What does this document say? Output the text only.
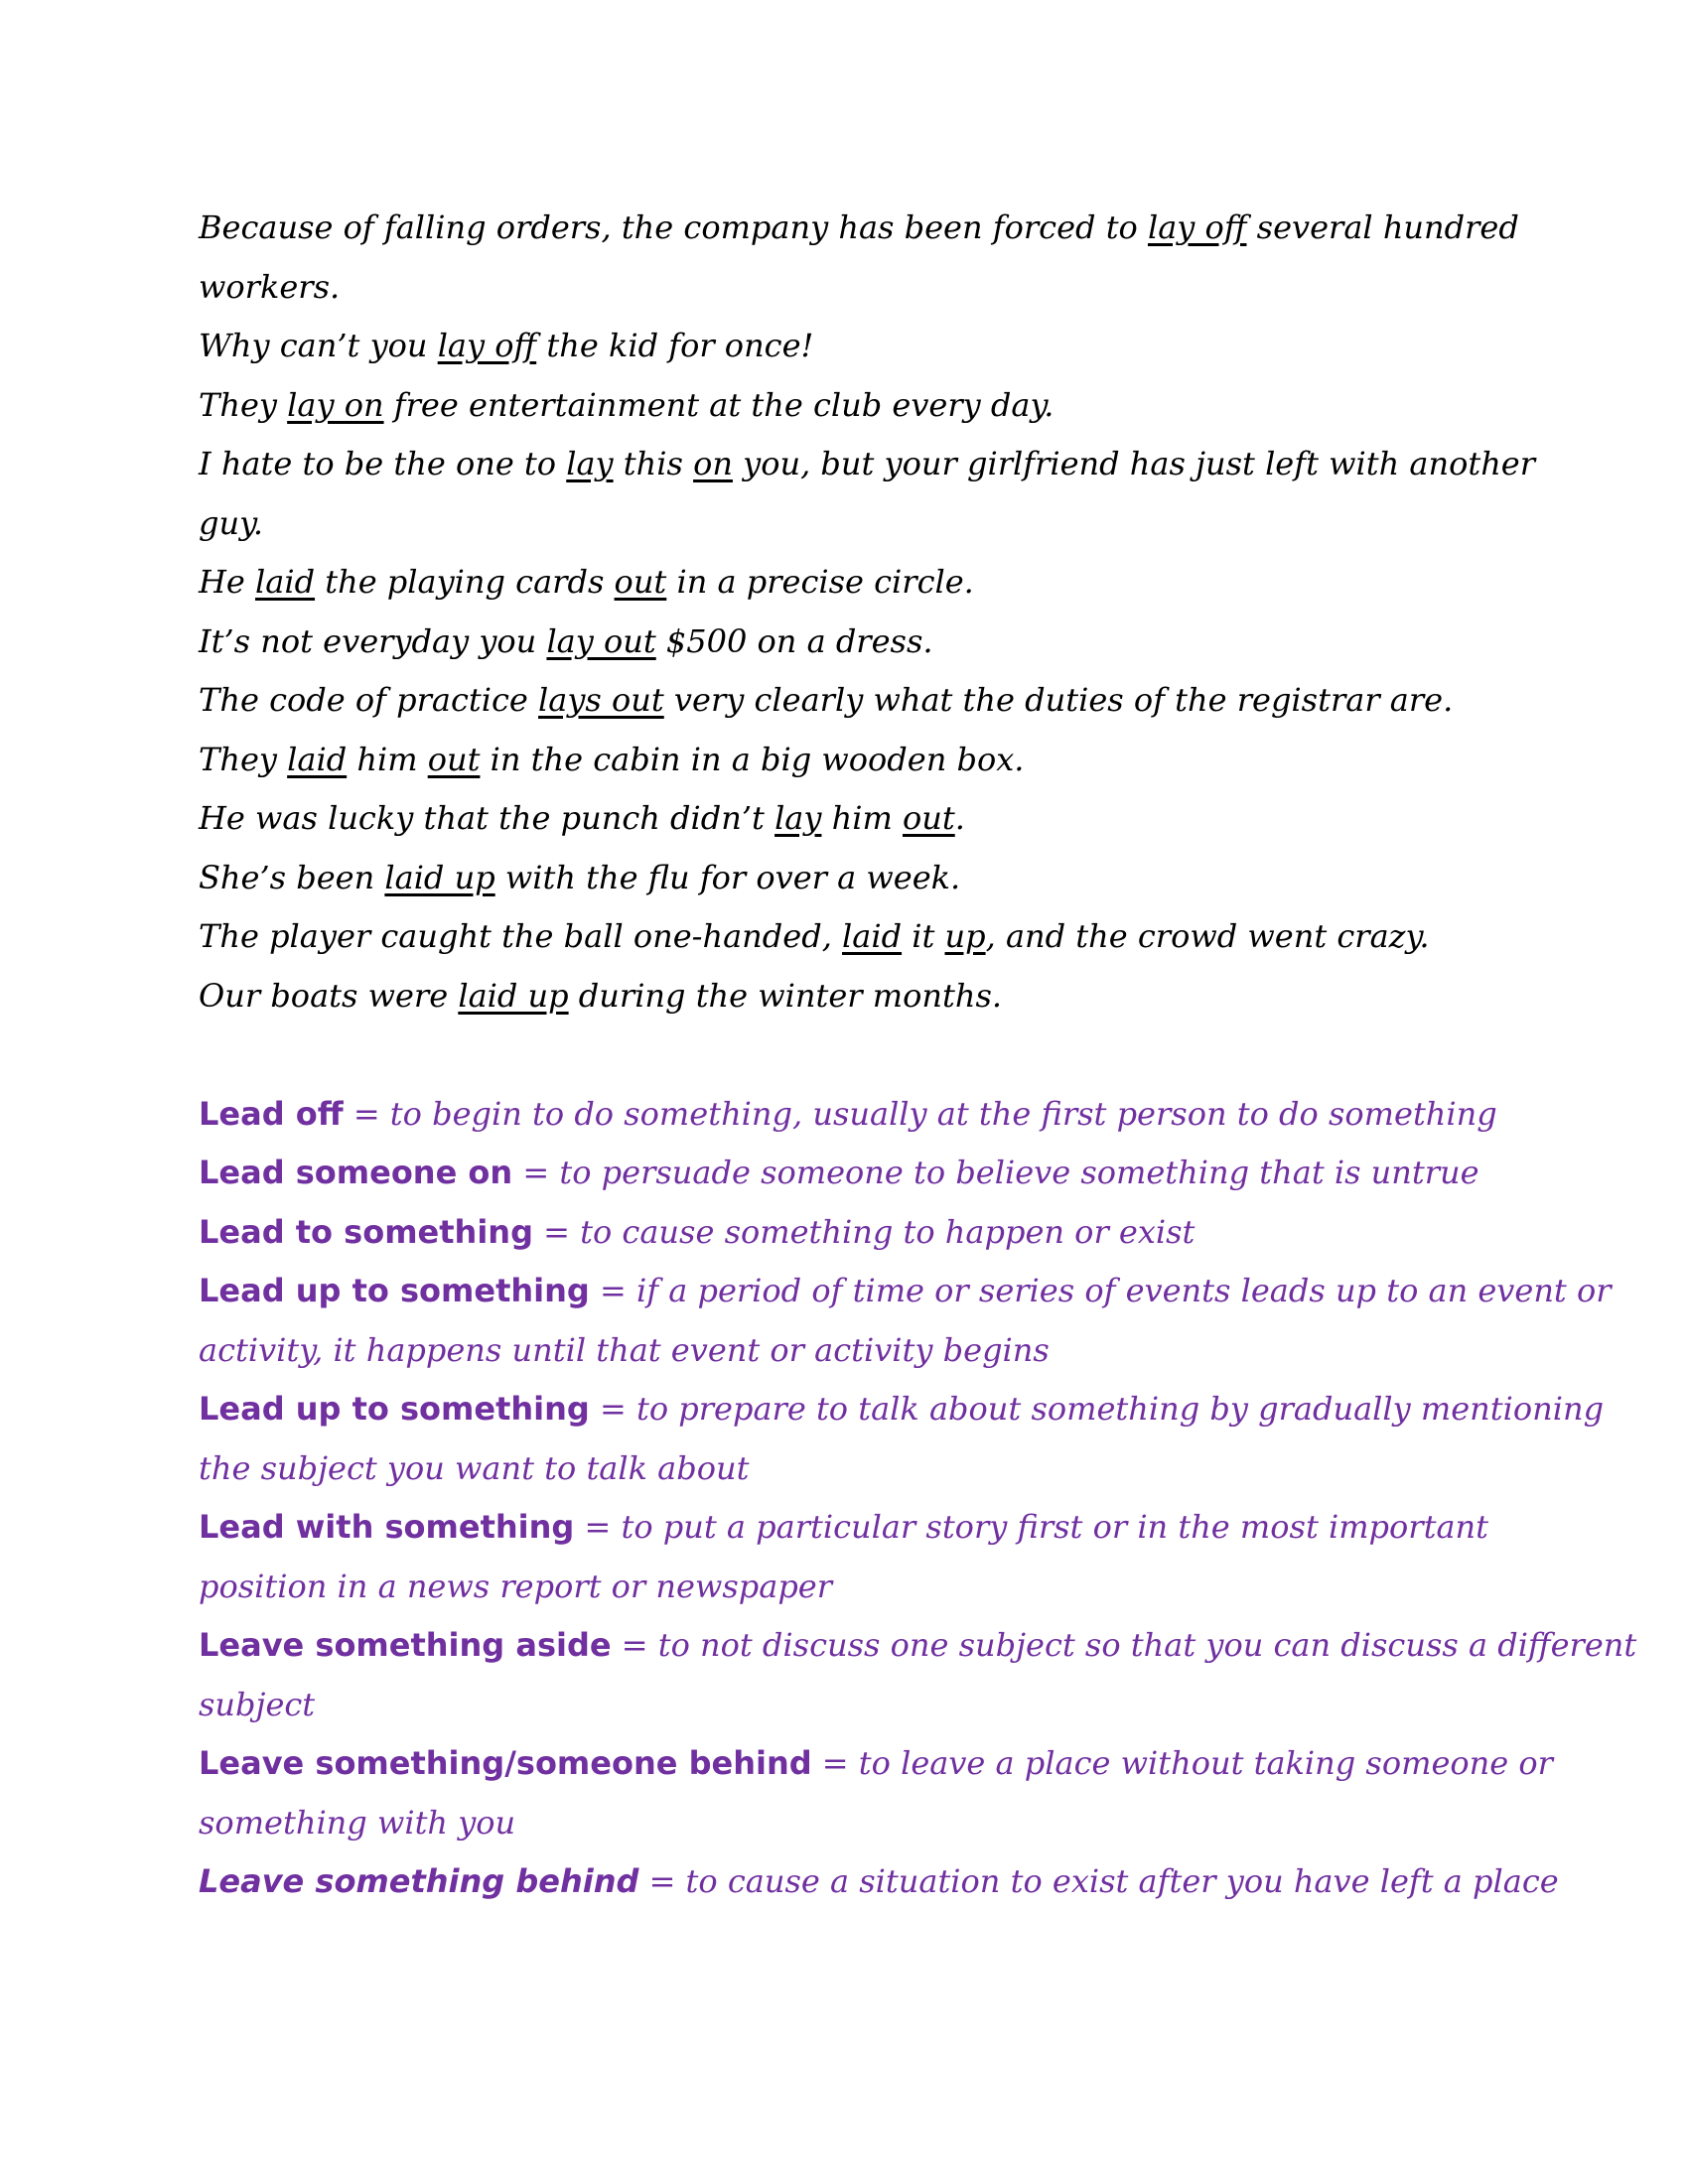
Because of falling orders, the company has been forced to lay off several hundred
workers.
Why can’t you lay off the kid for once!
They lay on free entertainment at the club every day.
I hate to be the one to lay this on you, but your girlfriend has just left with another
guy.
He laid the playing cards out in a precise circle.
It’s not everyday you lay out $500 on a dress.
The code of practice lays out very clearly what the duties of the registrar are.
They laid him out in the cabin in a big wooden box.
He was lucky that the punch didn’t lay him out.
She’s been laid up with the flu for over a week.
The player caught the ball one-handed, laid it up, and the crowd went crazy.
Our boats were laid up during the winter months.
Lead off = to begin to do something, usually at the first person to do something
Lead someone on = to persuade someone to believe something that is untrue
Lead to something = to cause something to happen or exist
Lead up to something = if a period of time or series of events leads up to an event or
activity, it happens until that event or activity begins
Lead up to something = to prepare to talk about something by gradually mentioning
the subject you want to talk about
Lead with something = to put a particular story first or in the most important
position in a news report or newspaper
Leave something aside = to not discuss one subject so that you can discuss a different
subject
Leave something/someone behind = to leave a place without taking someone or
something with you
Leave something behind = to cause a situation to exist after you have left a place
